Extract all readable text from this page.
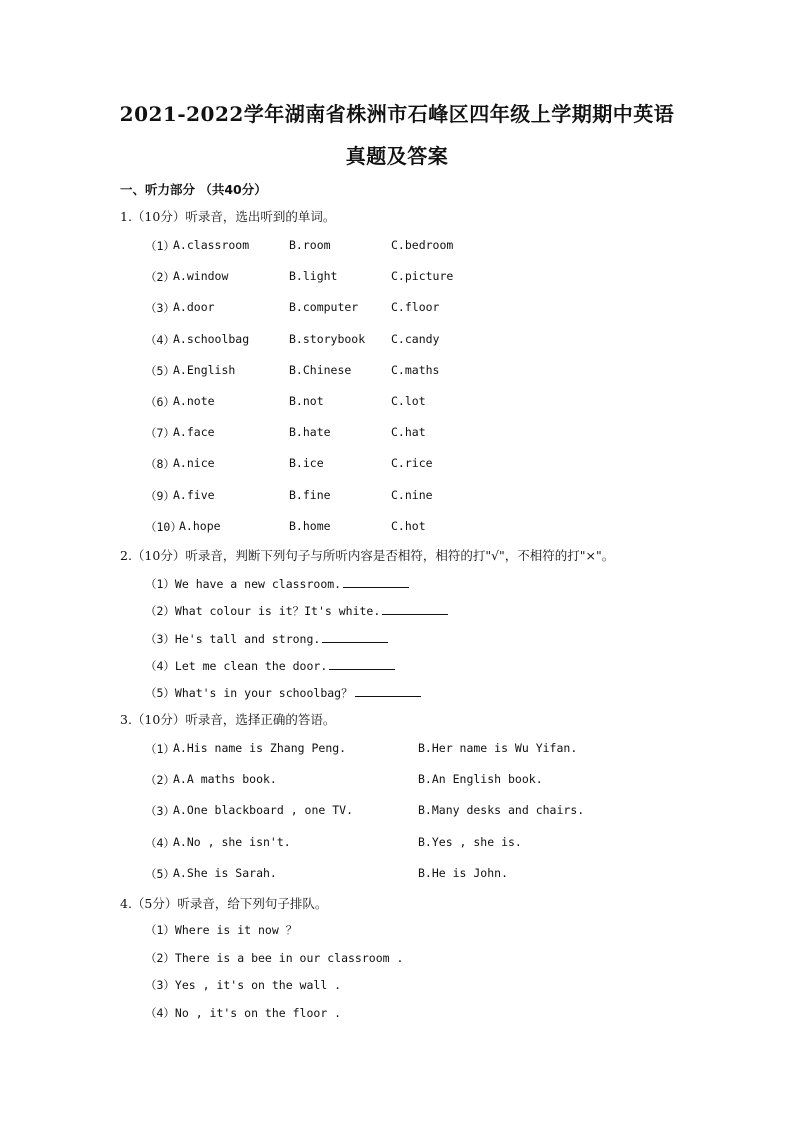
2021-2022学年湖南省株洲市石峰区四年级上学期期中英语
真题及答案
一、听力部分 （共40分）
1.（10分）听录音，选出听到的单词。
（1）
A.classroom	B.room	C.bedroom
（2）
A.window	B.light	C.picture
（3）
A.door	B.computer	C.floor
（4）
A.schoolbag	B.storybook C.candy
（5）
A.English	B.Chinese	C.maths
（6）
A.note	B.not	C.lot
（7）
A.face	B.hate	C.hat
（8）
A.nice	B.ice	C.rice
（9）
A.five	B.fine	C.nine
（10）
A.hope	B.home	C.hot
2.（10分）听录音，判断下列句子与所听内容是否相符，相符的打"√"，不相符的打"×"。
（1）We have a new classroom.
（2）What colour is it？It's white.
（3）He's tall and strong.
（4）Let me clean the door.
（5）What's in your schoolbag？
3.（10分）听录音，选择正确的答语。
（1）
A.His name is Zhang Peng.	B.Her name is Wu Yifan.
（2）
A.A maths book.	B.An English book.
（3）
A.One blackboard , one TV.	B.Many desks and chairs.
（4）
A.No , she isn't.	B.Yes , she is.
（5）
A.She is Sarah.	B.He is John.
4.（5分）听录音，给下列句子排队。
（1）Where is it now ？
（2）There is a bee in our classroom .
（3）Yes , it's on the wall .
（4）No , it's on the floor .
